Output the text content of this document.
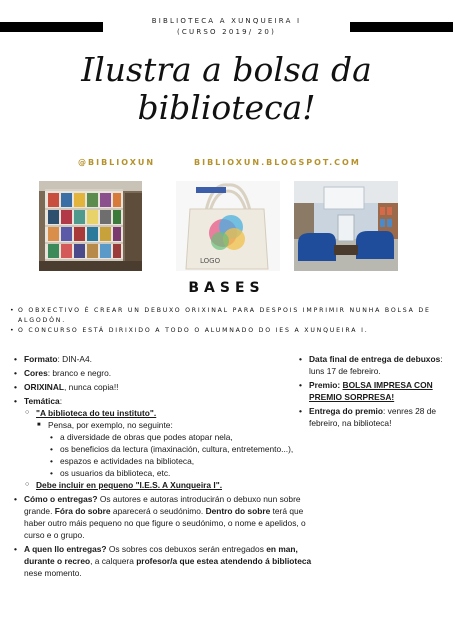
BIBLIOTECA A XUNQUEIRA I
(CURSO 2019/ 20)
Ilustra a bolsa da
biblioteca!
@BIBLIOXUN	BIBLIOXUN.BLOGSPOT.COM
LOGO
BASES
• O OBXECTIVO É CREAR UN DEBUXO ORIXINAL PARA DESPOIS IMPRIMIR NUNHA BOLSA DE ALGODÓN.
• O CONCURSO ESTÁ DIRIXIDO A TODO O ALUMNADO DO IES A XUNQUEIRA I.
• Formato: DIN-A4.
• Cores: branco e negro.
• ORIXINAL, nunca copia!!
• Temática:
○ "A biblioteca do teu instituto".
■ Pensa, por exemplo, no seguinte:
• a diversidade de obras que podes atopar nela,
• os beneficios da lectura (imaxinación, cultura, entretemento...),
• espazos e actividades na biblioteca,
• os usuarios da biblioteca, etc.
○ Debe incluir en pequeno "I.E.S. A Xunqueira I".
• Cómo o entregas? Os autores e autoras introducirán o debuxo nun sobre grande. Fóra do sobre aparecerá o seudónimo. Dentro do sobre terá que haber outro máis pequeno no que figure o seudónimo, o nome e apelidos, o curso e o grupo.
• A quen llo entregas? Os sobres cos debuxos serán entregados en man, durante o recreo, a calquera profesor/a que estea atendendo á biblioteca nese momento.
• Data final de entrega de debuxos: luns 17 de febreiro.
• Premio: BOLSA IMPRESA CON PREMIO SORPRESA!
• Entrega do premio: venres 28 de febreiro, na biblioteca!
